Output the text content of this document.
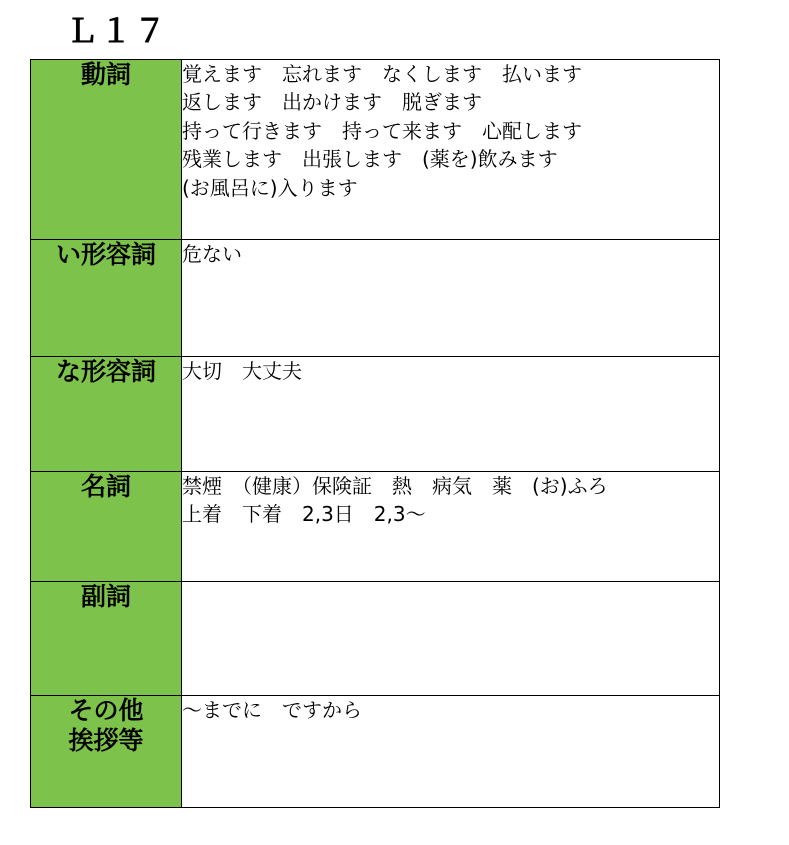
Ｌ１７
動詞	覚えます　忘れます　なくします　払います
返します　出かけます　脱ぎます
持って行きます　持って来ます　心配します
残業します　出張します　(薬を)飲みます
(お風呂に)入ります

い形容詞	危ない

な形容詞	大切　大丈夫

名詞	禁煙　（健康）保険証　熱　病気　薬　(お)ふろ
上着　下着　2,3日　2,3～

副詞	

その他
挨拶等	～までに　ですから
